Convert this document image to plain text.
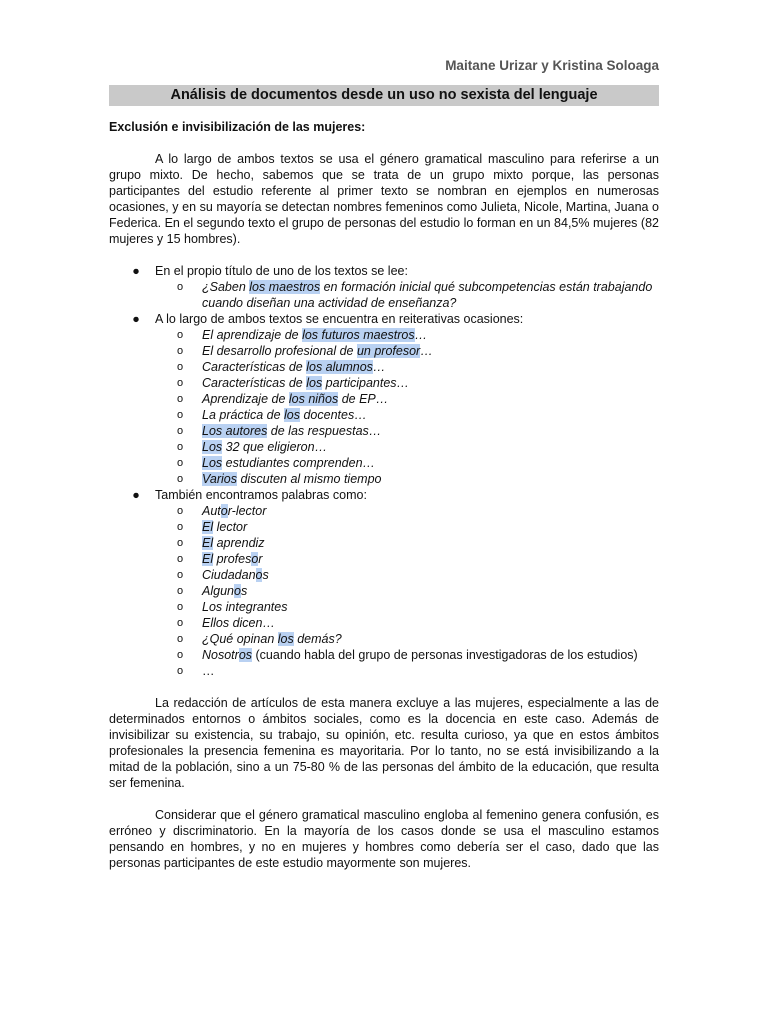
Maitane Urizar y Kristina Soloaga
Análisis de documentos desde un uso no sexista del lenguaje
Exclusión e invisibilización de las mujeres:

A lo largo de ambos textos se usa el género gramatical masculino para referirse a un grupo mixto. De hecho, sabemos que se trata de un grupo mixto porque, las personas participantes del estudio referente al primer texto se nombran en ejemplos en numerosas ocasiones, y en su mayoría se detectan nombres femeninos como Julieta, Nicole, Martina, Juana o Federica. En el segundo texto el grupo de personas del estudio lo forman en un 84,5% mujeres (82 mujeres y 15 hombres).

● En el propio título de uno de los textos se lee:
o ¿Saben los maestros en formación inicial qué subcompetencias están trabajando cuando diseñan una actividad de enseñanza?
● A lo largo de ambos textos se encuentra en reiterativas ocasiones:
o El aprendizaje de los futuros maestros…
o El desarrollo profesional de un profesor…
o Características de los alumnos…
o Características de los participantes…
o Aprendizaje de los niños de EP…
o La práctica de los docentes…
o Los autores de las respuestas…
o Los 32 que eligieron…
o Los estudiantes comprenden…
o Varios discuten al mismo tiempo
● También encontramos palabras como:
o Autor-lector
o El lector
o El aprendiz
o El profesor
o Ciudadanos
o Algunos
o Los integrantes
o Ellos dicen…
o ¿Qué opinan los demás?
o Nosotros (cuando habla del grupo de personas investigadoras de los estudios)
o …

La redacción de artículos de esta manera excluye a las mujeres, especialmente a las de determinados entornos o ámbitos sociales, como es la docencia en este caso. Además de invisibilizar su existencia, su trabajo, su opinión, etc. resulta curioso, ya que en estos ámbitos profesionales la presencia femenina es mayoritaria. Por lo tanto, no se está invisibilizando a la mitad de la población, sino a un 75-80 % de las personas del ámbito de la educación, que resulta ser femenina.

Considerar que el género gramatical masculino engloba al femenino genera confusión, es erróneo y discriminatorio. En la mayoría de los casos donde se usa el masculino estamos pensando en hombres, y no en mujeres y hombres como debería ser el caso, dado que las personas participantes de este estudio mayormente son mujeres.
